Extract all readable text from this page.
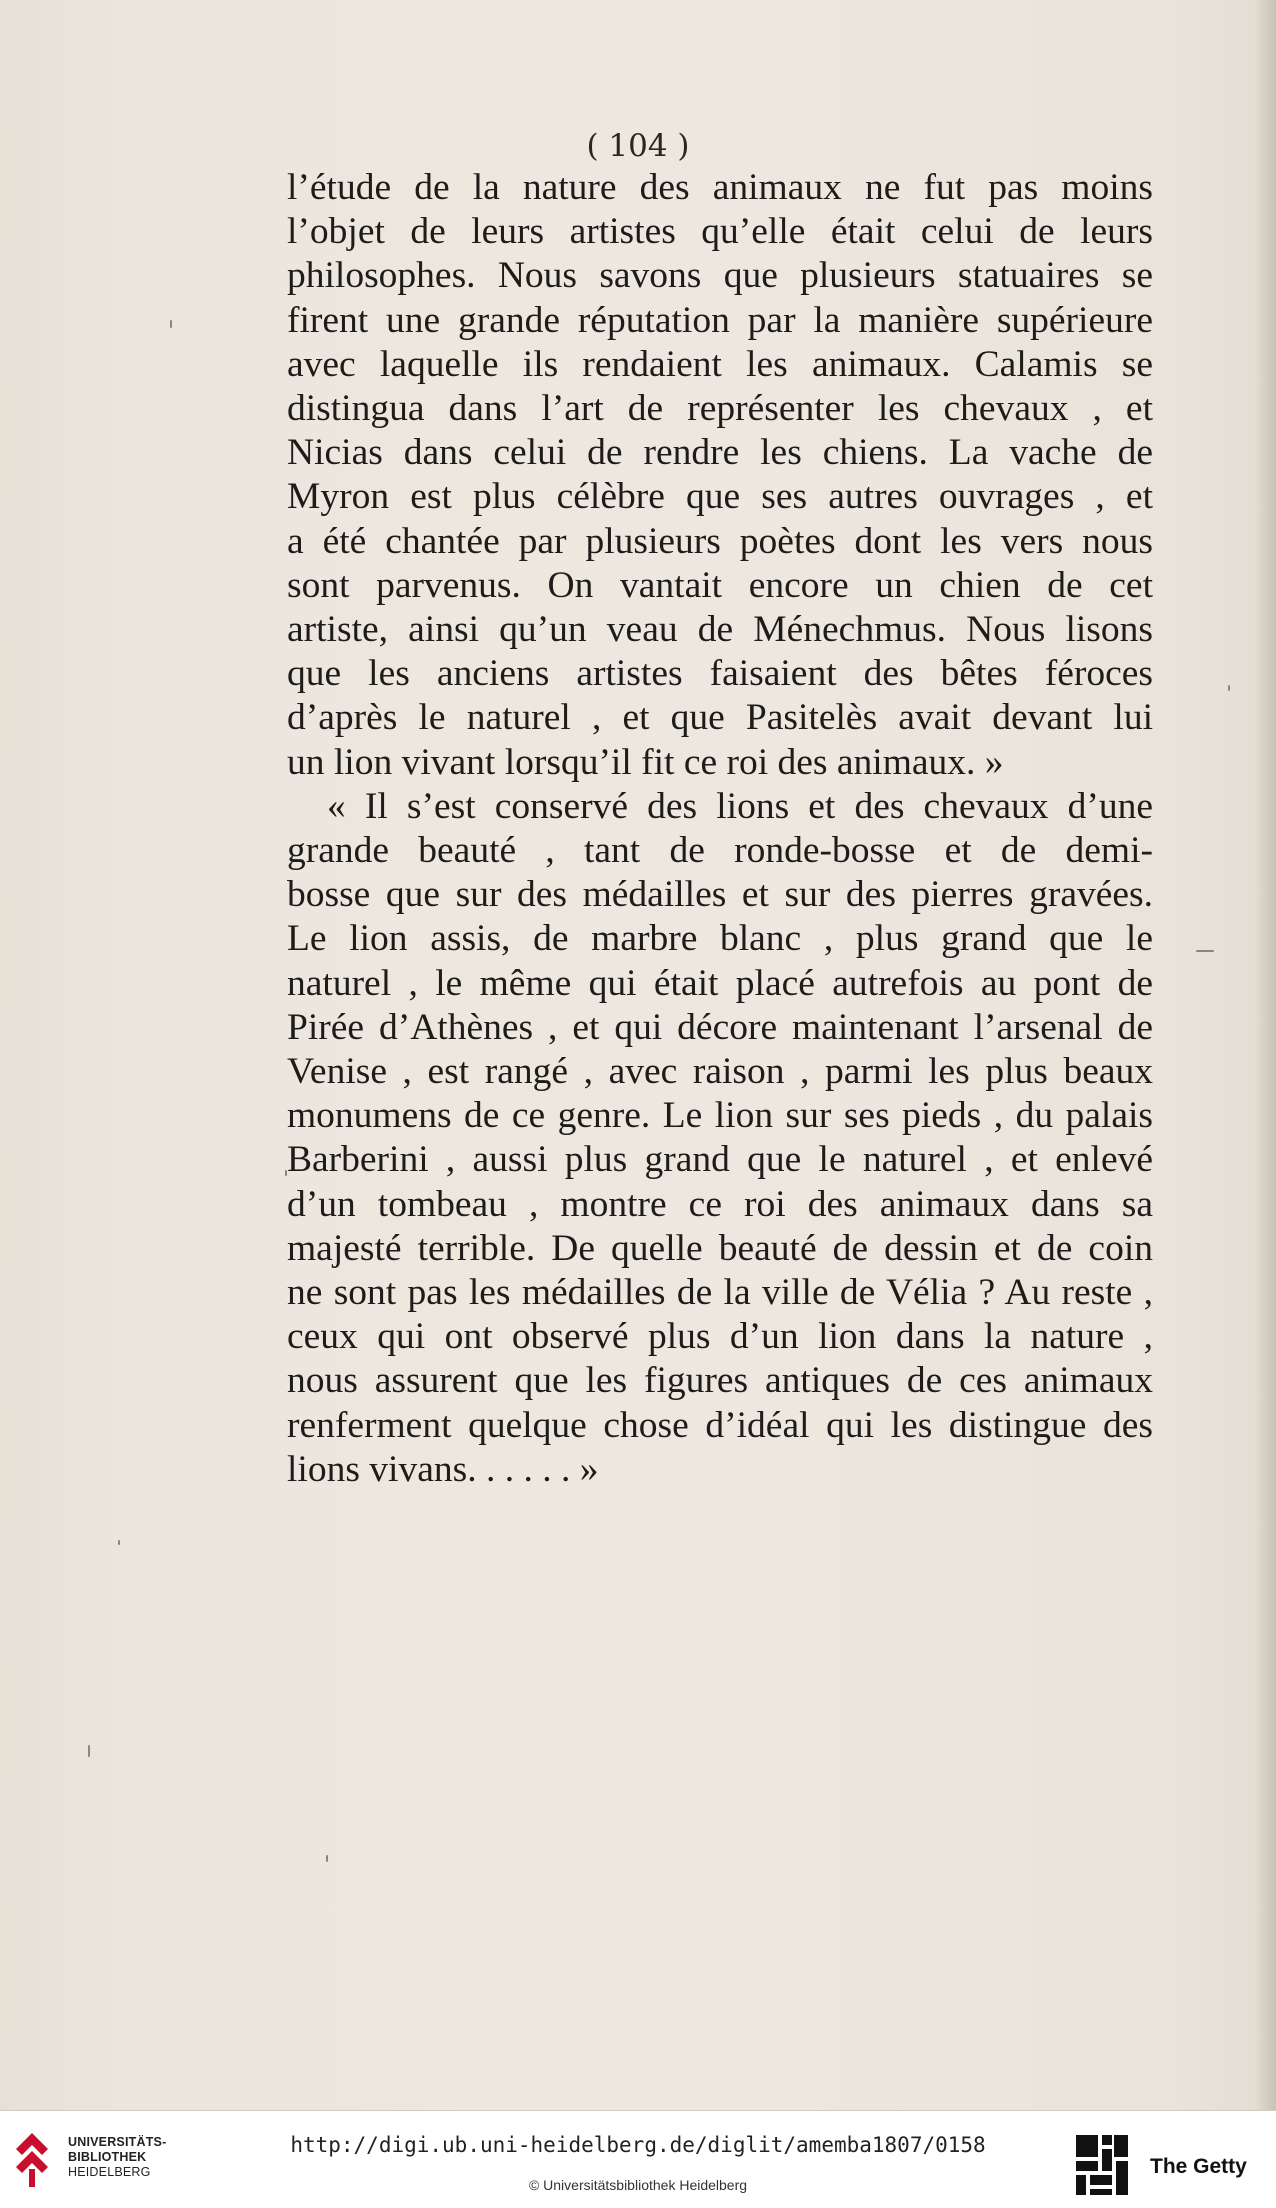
( 104 )
l’étude de la nature des animaux ne fut pas moins
l’objet de leurs artistes qu’elle était celui de leurs
philosophes. Nous savons que plusieurs statuaires se
firent une grande réputation par la manière supérieure
avec laquelle ils rendaient les animaux. Calamis se
distingua dans l’art de représenter les chevaux , et
Nicias dans celui de rendre les chiens. La vache de
Myron est plus célèbre que ses autres ouvrages , et
a été chantée par plusieurs poètes dont les vers nous
sont parvenus. On vantait encore un chien de cet
artiste, ainsi qu’un veau de Ménechmus. Nous lisons
que les anciens artistes faisaient des bêtes féroces
d’après le naturel , et que Pasitelès avait devant lui
un lion vivant lorsqu’il fit ce roi des animaux. »
« Il s’est conservé des lions et des chevaux d’une
grande beauté , tant de ronde-bosse et de demi-
bosse que sur des médailles et sur des pierres gravées.
Le lion assis, de marbre blanc , plus grand que le
naturel , le même qui était placé autrefois au pont de
Pirée d’Athènes , et qui décore maintenant l’arsenal de
Venise , est rangé , avec raison , parmi les plus beaux
monumens de ce genre. Le lion sur ses pieds , du palais
Barberini , aussi plus grand que le naturel , et enlevé
d’un tombeau , montre ce roi des animaux dans sa
majesté terrible. De quelle beauté de dessin et de coin
ne sont pas les médailles de la ville de Vélia ? Au reste ,
ceux qui ont observé plus d’un lion dans la nature ,
nous assurent que les figures antiques de ces animaux
renferment quelque chose d’idéal qui les distingue des
lions vivans. . . . . . »
UNIVERSITÄTS-
BIBLIOTHEK
HEIDELBERG
http://digi.ub.uni-heidelberg.de/diglit/amemba1807/0158
© Universitätsbibliothek Heidelberg
The Getty
